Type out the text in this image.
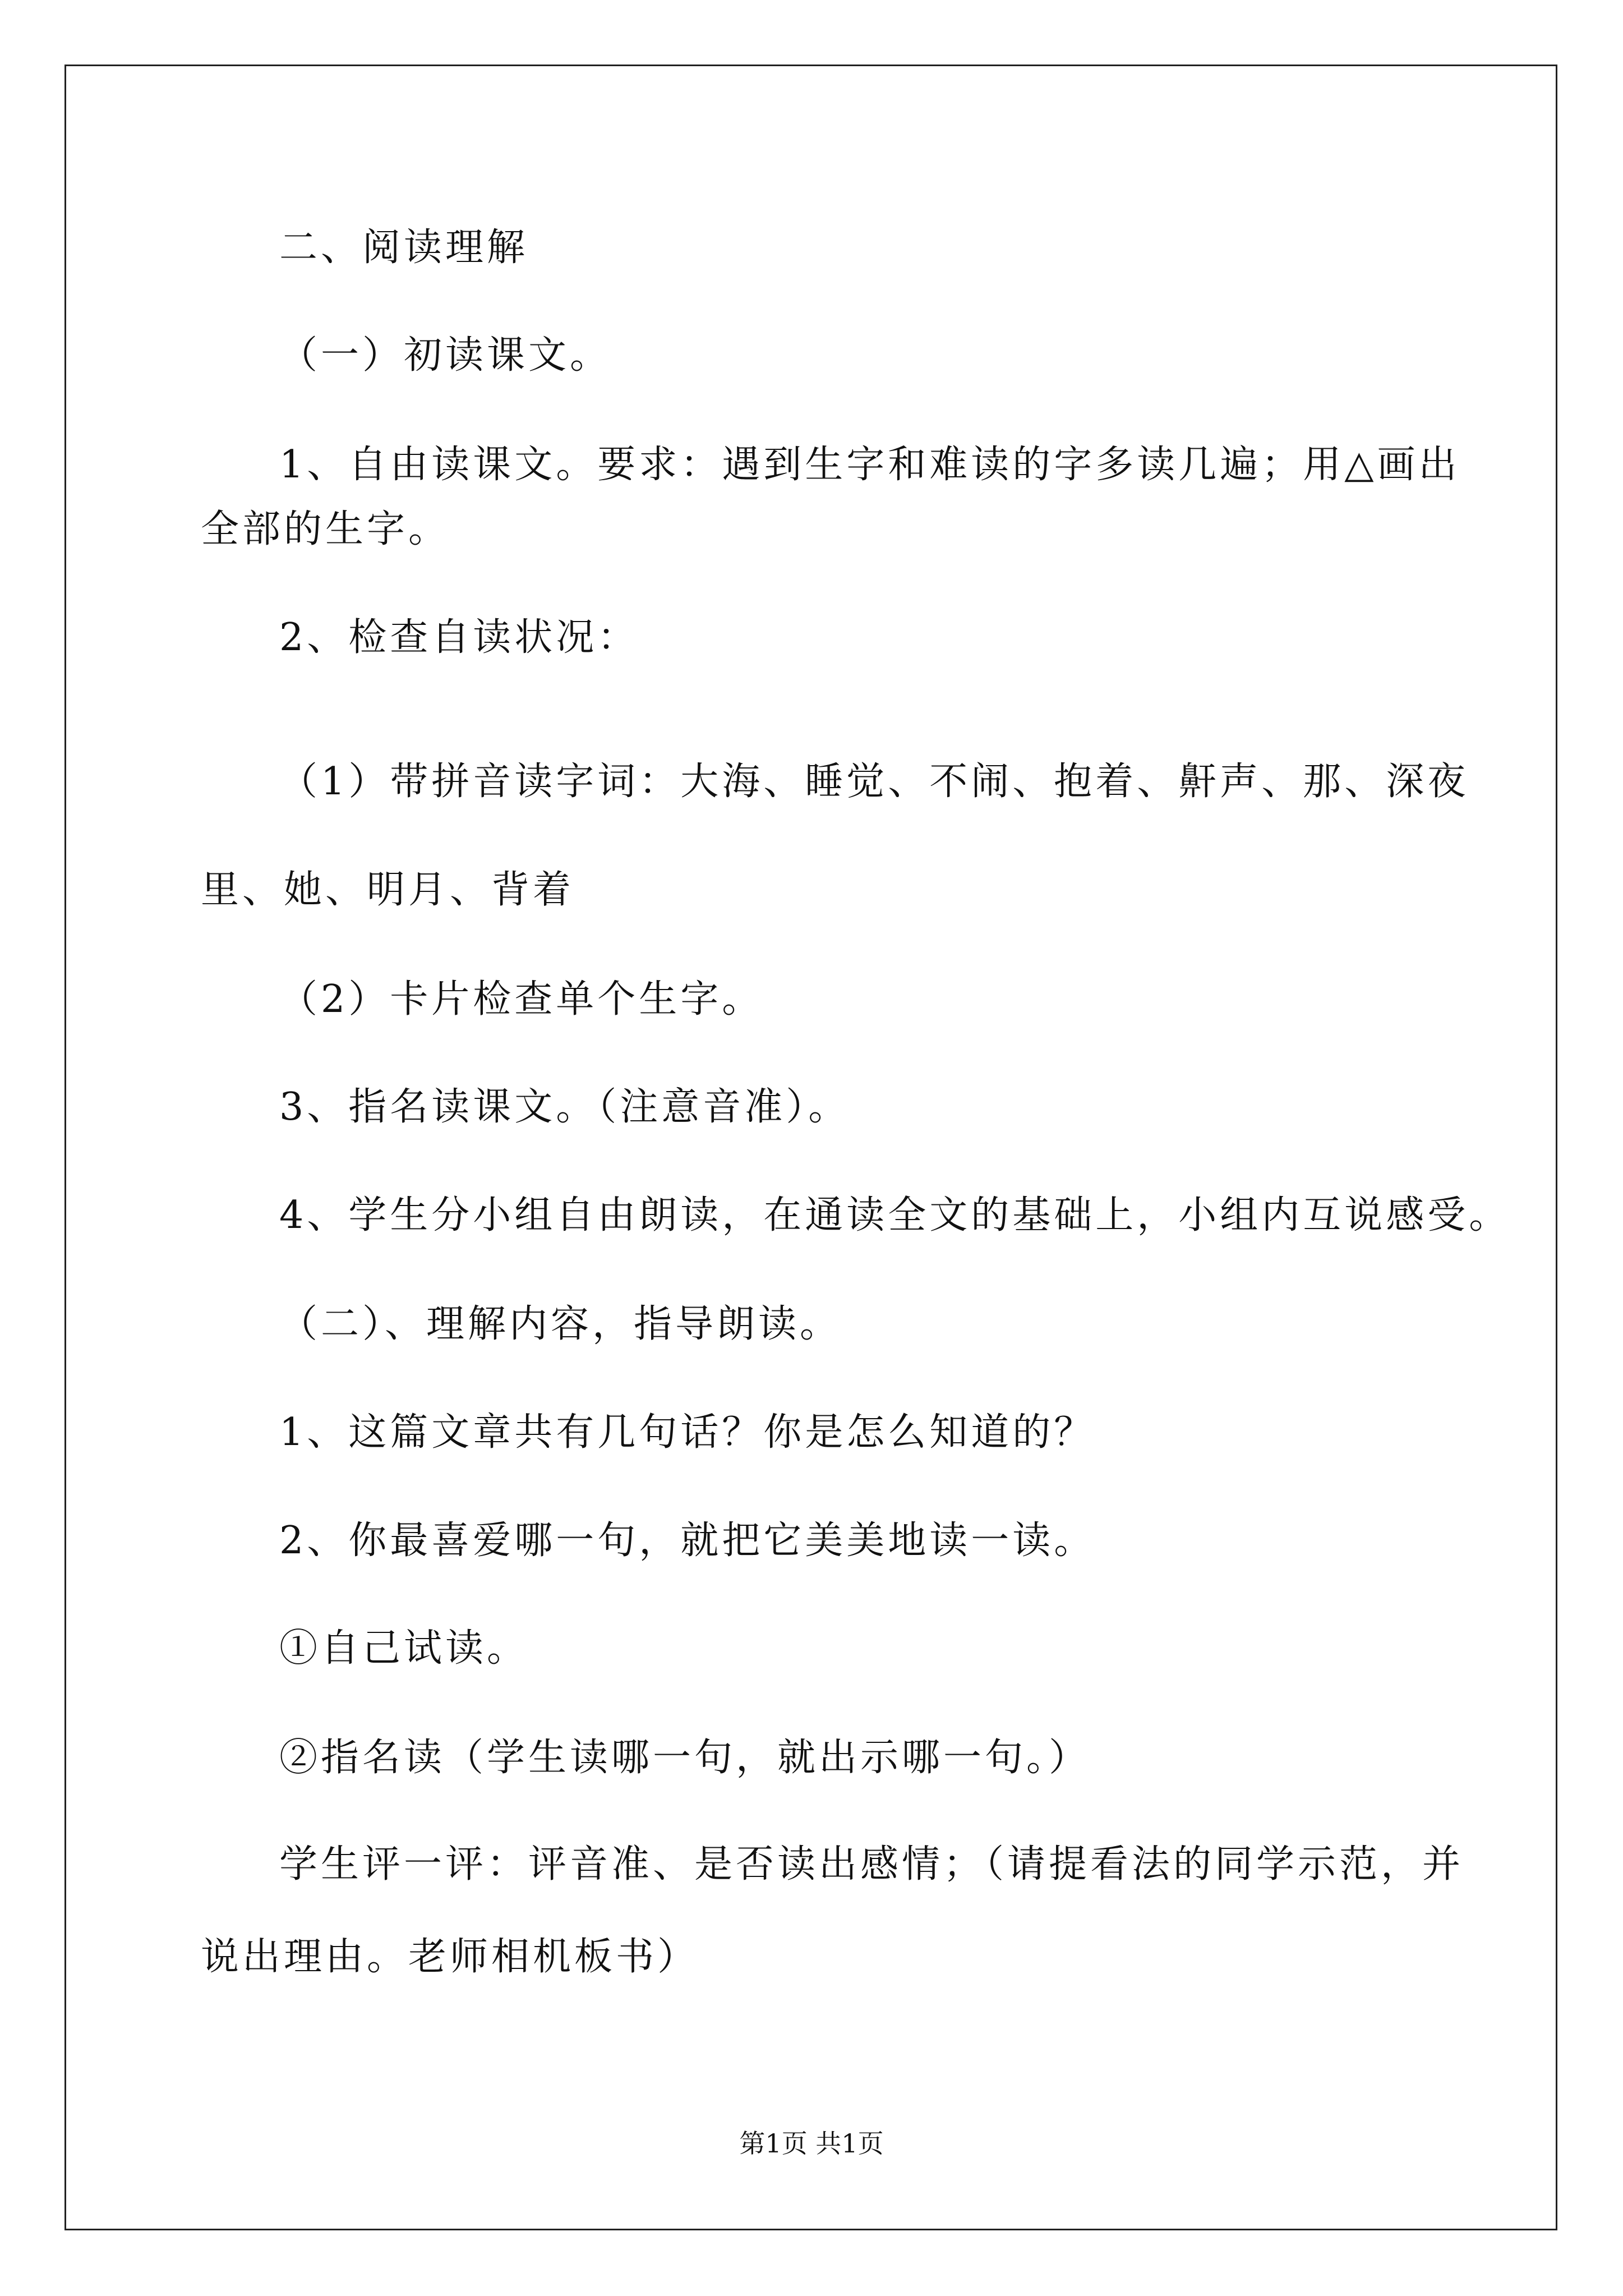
二、阅读理解

（一）初读课文。

1、自由读课文。要求：遇到生字和难读的字多读几遍；用△画出

全部的生字。

2、检查自读状况：

（1）带拼音读字词：大海、睡觉、不闹、抱着、鼾声、那、深夜

里、她、明月、背着

（2）卡片检查单个生字。

3、指名读课文。（注意音准）。

4、学生分小组自由朗读，在通读全文的基础上，小组内互说感受。

（二）、理解内容，指导朗读。

1、这篇文章共有几句话？你是怎么知道的？

2、你最喜爱哪一句，就把它美美地读一读。

①自己试读。

②指名读（学生读哪一句，就出示哪一句。）

学生评一评：评音准、是否读出感情；（请提看法的同学示范，并

说出理由。老师相机板书）

第1页 共1页
